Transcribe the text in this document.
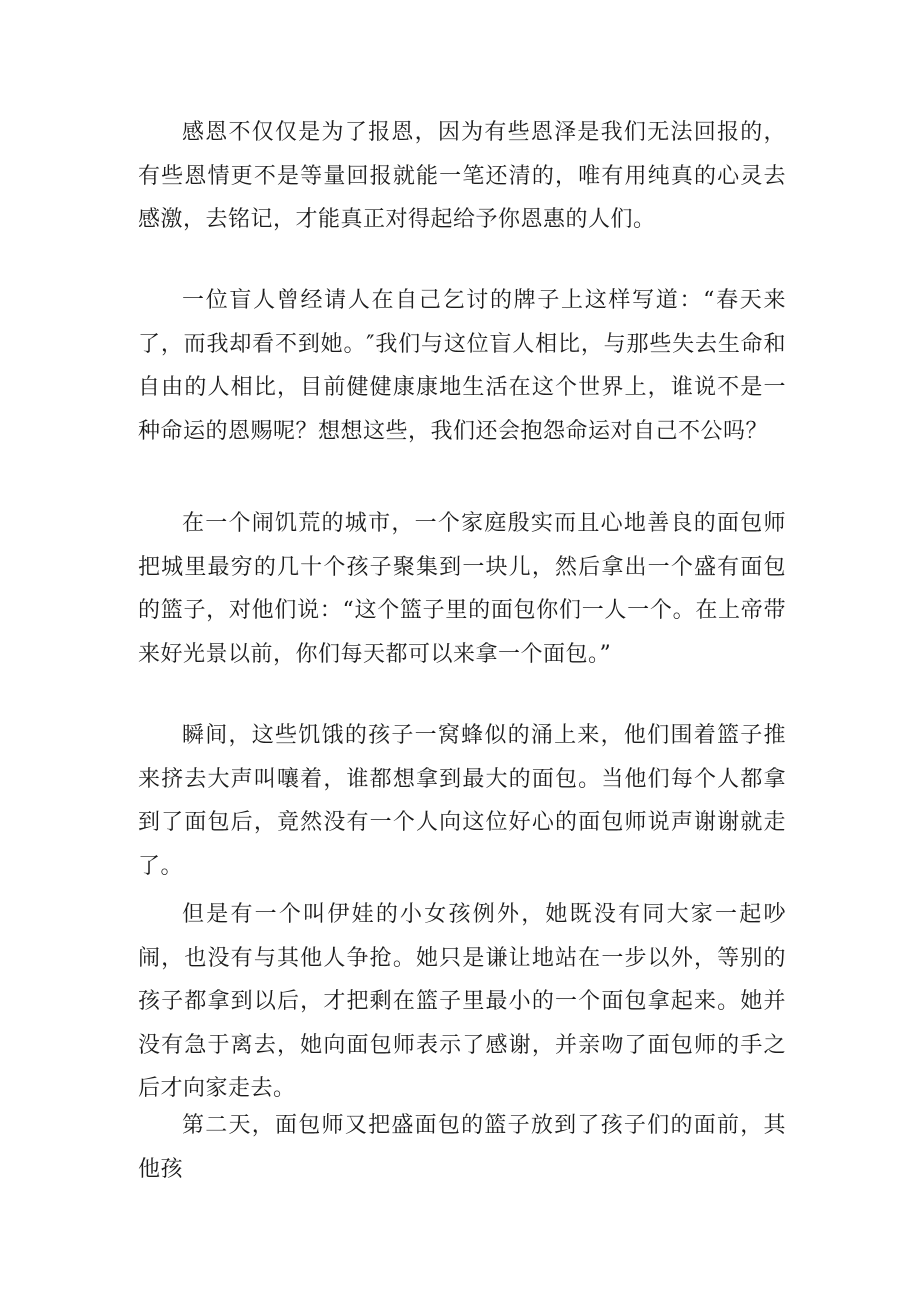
感恩不仅仅是为了报恩，因为有些恩泽是我们无法回报的，有些恩情更不是等量回报就能一笔还清的，唯有用纯真的心灵去感激，去铭记，才能真正对得起给予你恩惠的人们。

一位盲人曾经请人在自己乞讨的牌子上这样写道：“春天来了，而我却看不到她。″我们与这位盲人相比，与那些失去生命和自由的人相比，目前健健康康地生活在这个世界上，谁说不是一种命运的恩赐呢？想想这些，我们还会抱怨命运对自己不公吗？

在一个闹饥荒的城市，一个家庭殷实而且心地善良的面包师把城里最穷的几十个孩子聚集到一块儿，然后拿出一个盛有面包的篮子，对他们说：“这个篮子里的面包你们一人一个。在上帝带来好光景以前，你们每天都可以来拿一个面包。”

瞬间，这些饥饿的孩子一窝蜂似的涌上来，他们围着篮子推来挤去大声叫嚷着，谁都想拿到最大的面包。当他们每个人都拿到了面包后，竟然没有一个人向这位好心的面包师说声谢谢就走了。

但是有一个叫伊娃的小女孩例外，她既没有同大家一起吵闹，也没有与其他人争抢。她只是谦让地站在一步以外，等别的孩子都拿到以后，才把剩在篮子里最小的一个面包拿起来。她并没有急于离去，她向面包师表示了感谢，并亲吻了面包师的手之后才向家走去。

第二天，面包师又把盛面包的篮子放到了孩子们的面前，其他孩
